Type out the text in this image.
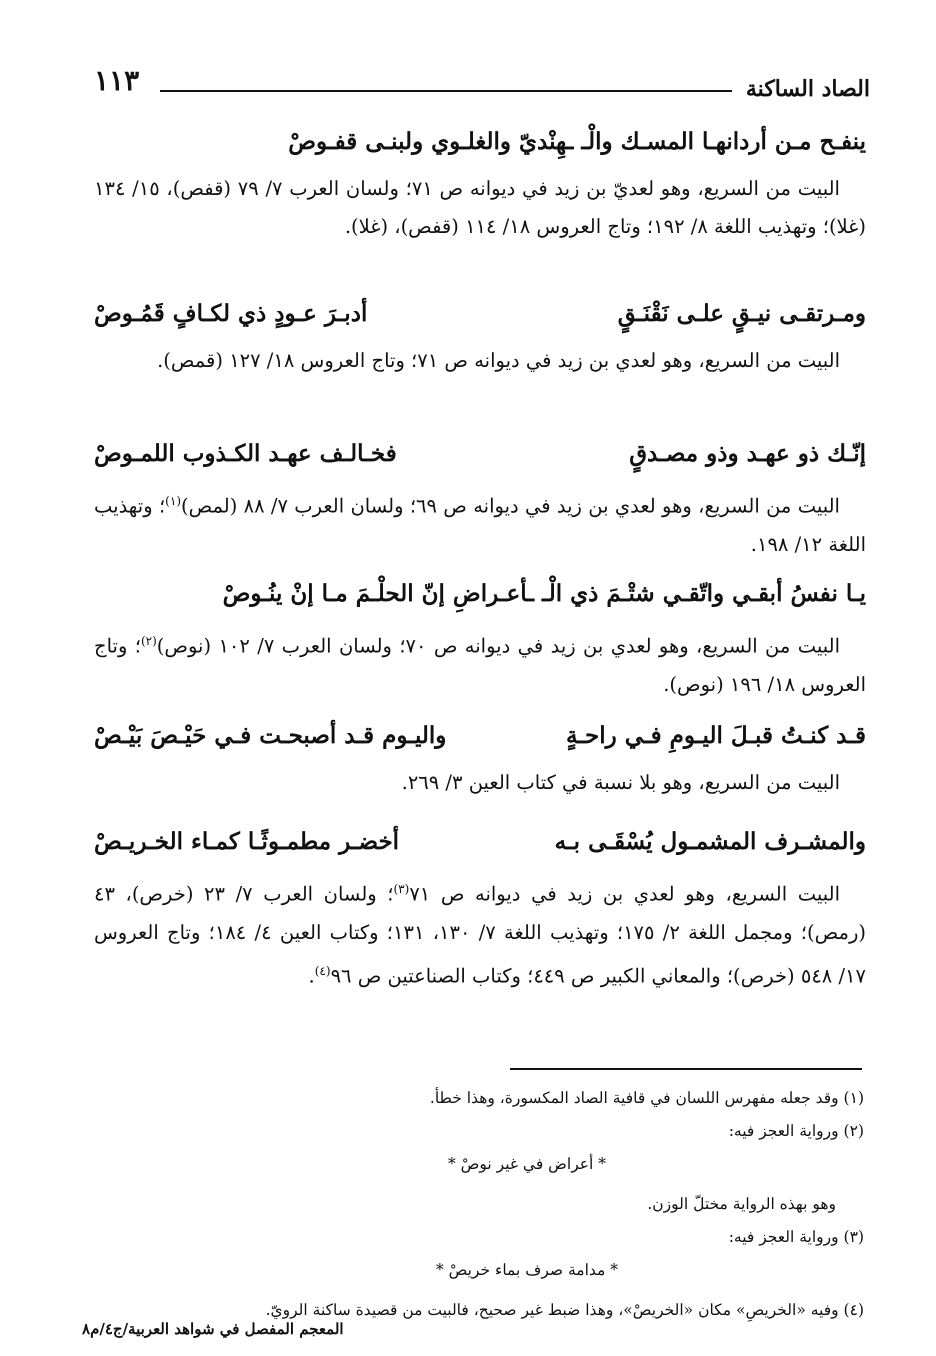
الصاد الساكنة
١١٣
ينفـح مـن أردانهـا المسـك والْـ ـهِنْديّ والغلـوي ولبنـى قفـوصْ
البيت من السريع، وهو لعديّ بن زيد في ديوانه ص ٧١؛ ولسان العرب ٧/ ٧٩ (قفص)، ١٥/ ١٣٤ (غلا)؛ وتهذيب اللغة ٨/ ١٩٢؛ وتاج العروس ١٨/ ١١٤ (قفص)، (غلا).
ومـرتقـى نيـقٍ علـى نَقْنَـقٍ
أدبـرَ عـودٍ ذي لكـافٍ قَمُـوصْ
البيت من السريع، وهو لعدي بن زيد في ديوانه ص ٧١؛ وتاج العروس ١٨/ ١٢٧ (قمص).
إنّـك ذو عهـد وذو مصـدقٍ
فخـالـف عهـد الكـذوب اللمـوصْ
البيت من السريع، وهو لعدي بن زيد في ديوانه ص ٦٩؛ ولسان العرب ٧/ ٨٨ (لمص)$^{(١)}$؛ وتهذيب اللغة ١٢/ ١٩٨.
يـا نفسُ أبقـي واتّقـي شتْـمَ ذي الْـ ـأعـراضِ إنّ الحلْـمَ مـا إنْ ينُـوصْ
البيت من السريع، وهو لعدي بن زيد في ديوانه ص ٧٠؛ ولسان العرب ٧/ ١٠٢ (نوص)$^{(٢)}$؛ وتاج العروس ١٨/ ١٩٦ (نوص).
قـد كنـتُ قبـلَ اليـومِ فـي راحـةٍ
واليـوم قـد أصبحـت فـي حَيْـصَ بَيْـصْ
البيت من السريع، وهو بلا نسبة في كتاب العين ٣/ ٢٦٩.
والمشـرف المشمـول يُسْقَـى بـه
أخضـر مطمـوثًـا كمـاء الخـريـصْ
البيت السريع، وهو لعدي بن زيد في ديوانه ص ٧١$^{(٣)}$؛ ولسان العرب ٧/ ٢٣ (خرص)، ٤٣ (رمص)؛ ومجمل اللغة ٢/ ١٧٥؛ وتهذيب اللغة ٧/ ١٣٠، ١٣١؛ وكتاب العين ٤/ ١٨٤؛ وتاج العروس ١٧/ ٥٤٨ (خرص)؛ والمعاني الكبير ص ٤٤٩؛ وكتاب الصناعتين ص ٩٦$^{(٤)}$.
(١) وقد جعله مفهرس اللسان في قافية الصاد المكسورة، وهذا خطأ.
(٢) ورواية العجز فيه:
* أعراض في غير نوصْ *
وهو بهذه الرواية مختلّ الوزن.
(٣) ورواية العجز فيه:
* مدامة صرف بماء خريصْ *
(٤) وفيه «الخريصِ» مكان «الخريصْ»، وهذا ضبط غير صحيح، فالبيت من قصيدة ساكنة الرويّ.
المعجم المفصل في شواهد العربية/ج٤/م٨
